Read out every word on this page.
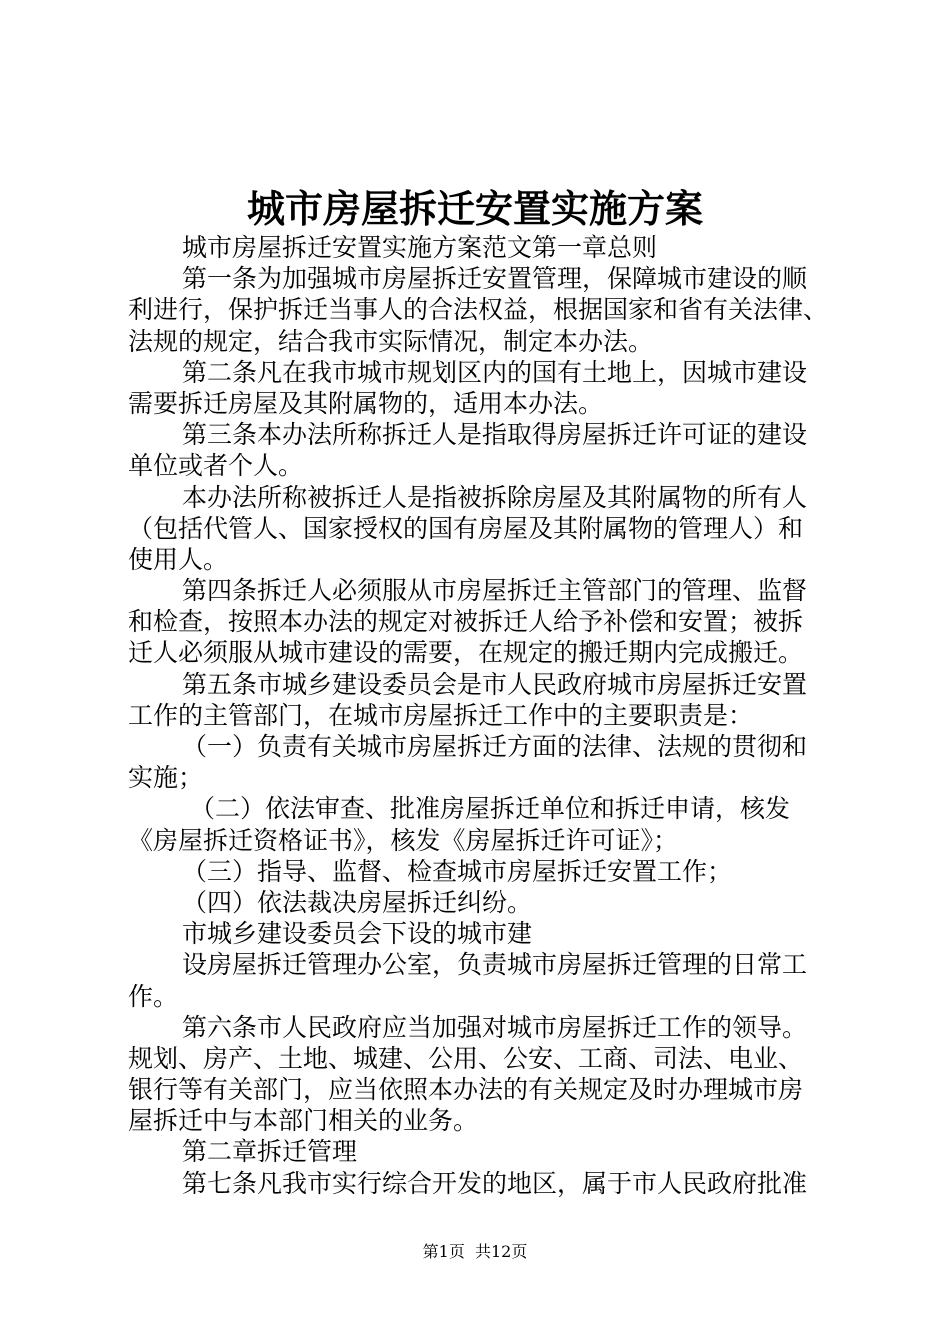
城市房屋拆迁安置实施方案
城市房屋拆迁安置实施方案范文第一章总则
第一条为加强城市房屋拆迁安置管理，保障城市建设的顺
利进行，保护拆迁当事人的合法权益，根据国家和省有关法律、
法规的规定，结合我市实际情况，制定本办法。
第二条凡在我市城市规划区内的国有土地上，因城市建设
需要拆迁房屋及其附属物的，适用本办法。
第三条本办法所称拆迁人是指取得房屋拆迁许可证的建设
单位或者个人。
本办法所称被拆迁人是指被拆除房屋及其附属物的所有人
（包括代管人、国家授权的国有房屋及其附属物的管理人）和
使用人。
第四条拆迁人必须服从市房屋拆迁主管部门的管理、监督
和检查，按照本办法的规定对被拆迁人给予补偿和安置；被拆
迁人必须服从城市建设的需要，在规定的搬迁期内完成搬迁。
第五条市城乡建设委员会是市人民政府城市房屋拆迁安置
工作的主管部门，在城市房屋拆迁工作中的主要职责是：
（一）负责有关城市房屋拆迁方面的法律、法规的贯彻和
实施；
（二）依法审查、批准房屋拆迁单位和拆迁申请，核发
《房屋拆迁资格证书》，核发《房屋拆迁许可证》；
（三）指导、监督、检查城市房屋拆迁安置工作；
（四）依法裁决房屋拆迁纠纷。
市城乡建设委员会下设的城市建
设房屋拆迁管理办公室，负责城市房屋拆迁管理的日常工
作。
第六条市人民政府应当加强对城市房屋拆迁工作的领导。
规划、房产、土地、城建、公用、公安、工商、司法、电业、
银行等有关部门，应当依照本办法的有关规定及时办理城市房
屋拆迁中与本部门相关的业务。
第二章拆迁管理
第七条凡我市实行综合开发的地区，属于市人民政府批准
第1页  共12页
